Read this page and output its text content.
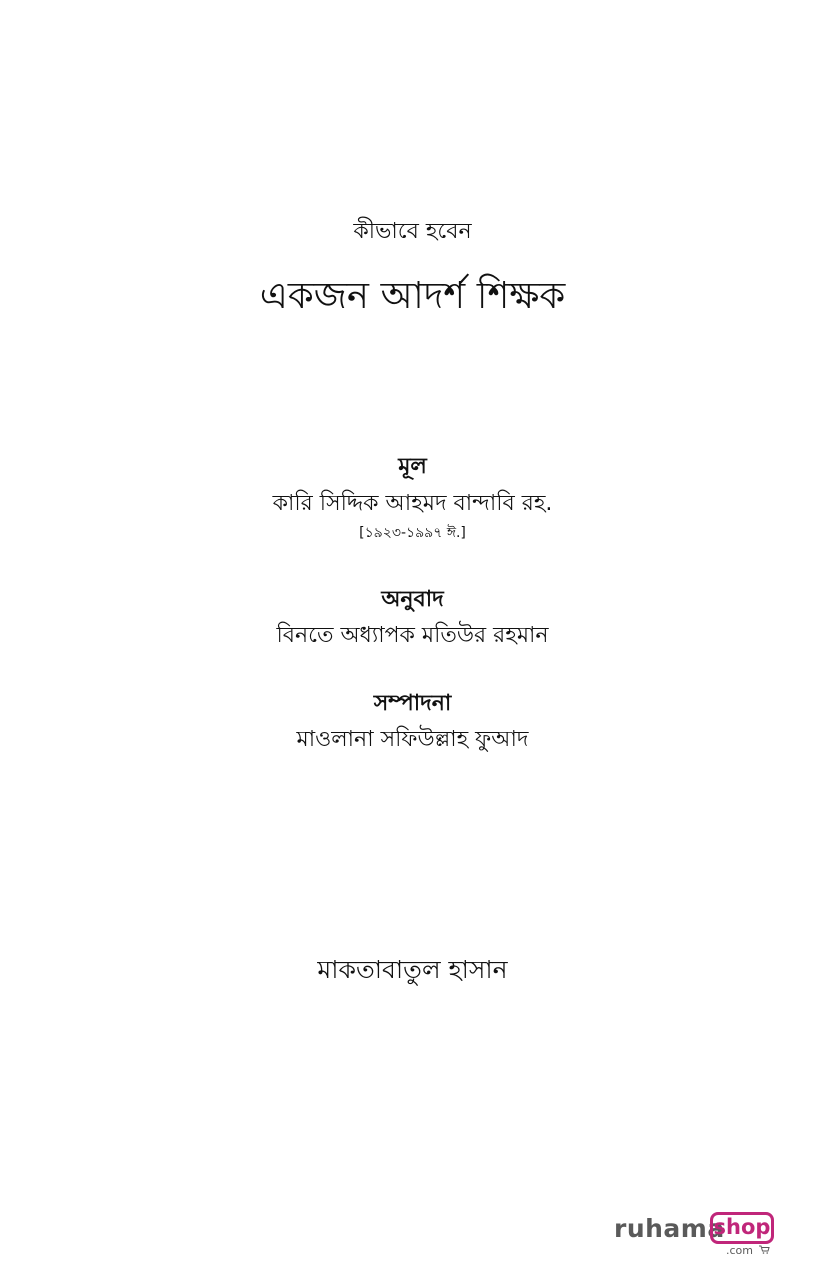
কীভাবে হবেন
একজন আদর্শ শিক্ষক
মূল
কারি সিদ্দিক আহমদ বান্দাবি রহ.
[১৯২৩-১৯৯৭ ঈ.]
অনুবাদ
বিনতে অধ্যাপক মতিউর রহমান
সম্পাদনা
মাওলানা সফিউল্লাহ ফুআদ
মাকতাবাতুল হাসান
ruhama
shop
.com
